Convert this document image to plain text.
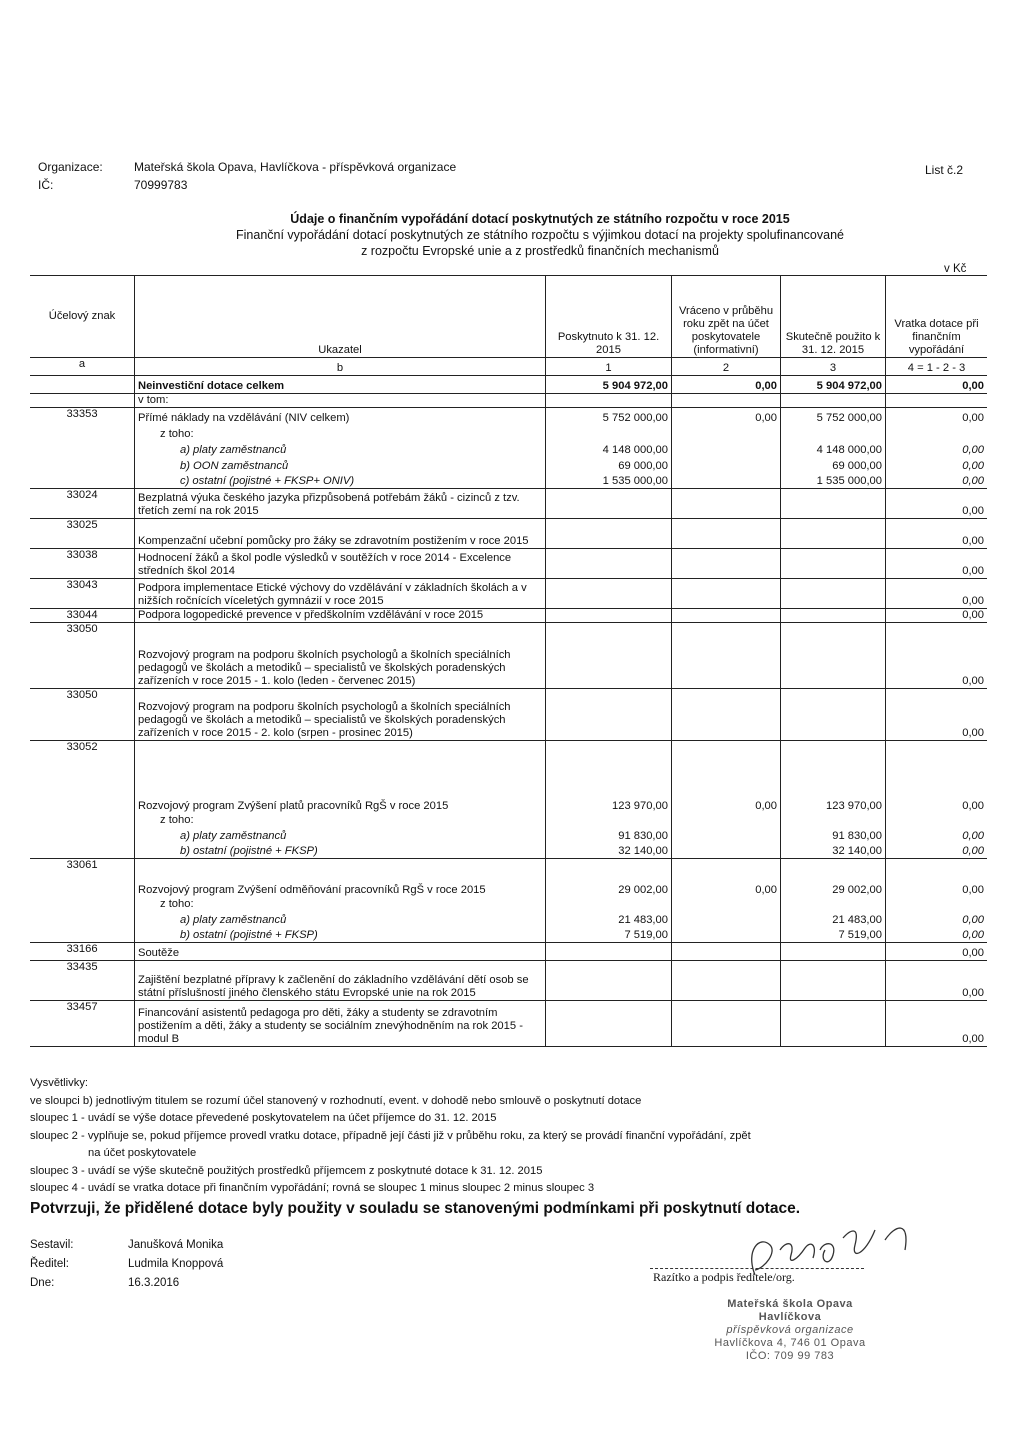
Organizace:	Mateřská škola Opava, Havlíčkova - příspěvková organizace
IČ:	70999783
List č.2
Údaje o finančním vypořádání dotací poskytnutých ze státního rozpočtu v roce 2015
Finanční vypořádání dotací poskytnutých ze státního rozpočtu s výjimkou dotací na projekty spolufinancované
z rozpočtu Evropské unie a z prostředků finančních mechanismů
v Kč
Účelový znak	Ukazatel	Poskytnuto k 31. 12. 2015	Vráceno v průběhu roku zpět na účet poskytovatele (informativní)	Skutečně použito k 31. 12. 2015	Vratka dotace při finančním vypořádání
a	b	1	2	3	4 = 1 - 2 - 3
	Neinvestiční dotace celkem	5 904 972,00	0,00	5 904 972,00	0,00
	v tom:				
33353	Přímé náklady na vzdělávání (NIV celkem)	5 752 000,00	0,00	5 752 000,00	0,00
	z toho:				
	a) platy zaměstnanců	4 148 000,00		4 148 000,00	0,00
	b) OON zaměstnanců	69 000,00		69 000,00	0,00
	c) ostatní (pojistné + FKSP+ ONIV)	1 535 000,00		1 535 000,00	0,00
33024	Bezplatná výuka českého jazyka přizpůsobená potřebám žáků - cizinců z tzv. třetích zemí na rok 2015				0,00
33025	Kompenzační učební pomůcky pro žáky se zdravotním postižením v roce 2015				0,00
33038	Hodnocení žáků a škol podle výsledků v soutěžích v roce 2014 - Excelence středních škol 2014				0,00
33043	Podpora implementace Etické výchovy do vzdělávání v základních školách a v nižších ročnících víceletých gymnázií v roce 2015				0,00
33044	Podpora logopedické prevence v předškolním vzdělávání v roce 2015				0,00
33050	Rozvojový program na podporu školních psychologů a školních speciálních pedagogů ve školách a metodiků – specialistů ve školských poradenských zařízeních v roce 2015 - 1. kolo (leden - červenec 2015)				0,00
33050	Rozvojový program na podporu školních psychologů a školních speciálních pedagogů ve školách a metodiků – specialistů ve školských poradenských zařízeních v roce 2015 - 2. kolo (srpen - prosinec 2015)				0,00
33052	Rozvojový program Zvýšení platů pracovníků RgŠ v roce 2015	123 970,00	0,00	123 970,00	0,00
	z toho:				
	a) platy zaměstnanců	91 830,00		91 830,00	0,00
	b) ostatní (pojistné + FKSP)	32 140,00		32 140,00	0,00
33061	Rozvojový program Zvýšení odměňování pracovníků RgŠ v roce 2015	29 002,00	0,00	29 002,00	0,00
	z toho:				
	a) platy zaměstnanců	21 483,00		21 483,00	0,00
	b) ostatní (pojistné + FKSP)	7 519,00		7 519,00	0,00
33166	Soutěže				0,00
33435	Zajištění bezplatné přípravy k začlenění do základního vzdělávání dětí osob se státní příslušností jiného členského státu Evropské unie na rok 2015				0,00
33457	Financování asistentů pedagoga pro děti, žáky a studenty se zdravotním postižením a děti, žáky a studenty se sociálním znevýhodněním na rok 2015 - modul B				0,00

Vysvětlivky:
ve sloupci b) jednotlivým titulem se rozumí účel stanovený v rozhodnutí, event. v dohodě nebo smlouvě o poskytnutí dotace
sloupec 1 - uvádí se výše dotace převedené poskytovatelem na účet příjemce do 31. 12. 2015
sloupec 2 - vyplňuje se, pokud příjemce provedl vratku dotace, případně její části již v průběhu roku, za který se provádí finanční vypořádání, zpět
na účet poskytovatele
sloupec 3 - uvádí se výše skutečně použitých prostředků příjemcem z poskytnuté dotace k 31. 12. 2015
sloupec 4 - uvádí se vratka dotace při finančním vypořádání; rovná se sloupec 1 minus sloupec 2 minus sloupec 3
Potvrzuji, že přidělené dotace byly použity v souladu se stanovenými podmínkami při poskytnutí dotace.
Sestavil:	Janušková Monika
Ředitel:	Ludmila Knoppová
Dne:	16.3.2016	Razítko a podpis ředitele/org.
Mateřská škola Opava
Havlíčkova
příspěvková organizace
Havlíčkova 4, 746 01 Opava
IČO: 709 99 783
